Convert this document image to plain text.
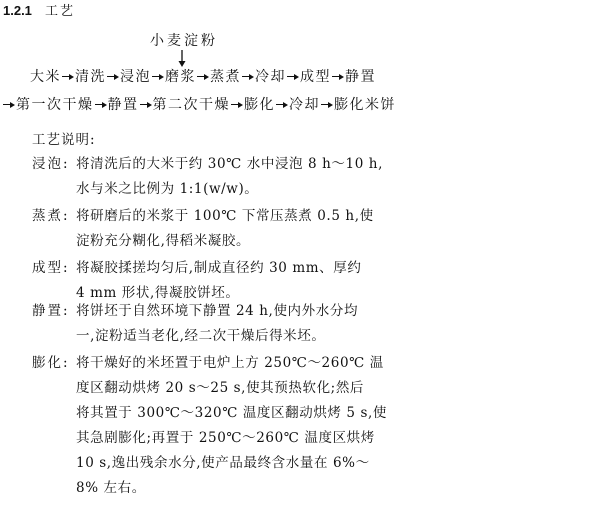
1.2.1 工艺
小麦淀粉
大米 清洗 浸泡 磨浆 蒸煮 冷却 成型 静置
第一次干燥 静置 第二次干燥 膨化 冷却 膨化米饼
工艺说明:
浸泡: 将清洗后的大米于约 30℃ 水中浸泡 8 h～10 h,
水与米之比例为 1:1(w/w)。
蒸煮: 将研磨后的米浆于 100℃ 下常压蒸煮 0.5 h,使
淀粉充分糊化,得稻米凝胶。
成型: 将凝胶揉搓均匀后,制成直径约 30 mm、厚约
4 mm 形状,得凝胶饼坯。
静置: 将饼坯于自然环境下静置 24 h,使内外水分均
一,淀粉适当老化,经二次干燥后得米坯。
膨化: 将干燥好的米坯置于电炉上方 250℃～260℃ 温
度区翻动烘烤 20 s～25 s,使其预热软化;然后
将其置于 300℃～320℃ 温度区翻动烘烤 5 s,使
其急剧膨化;再置于 250℃～260℃ 温度区烘烤
10 s,逸出残余水分,使产品最终含水量在 6%～
8% 左右。
